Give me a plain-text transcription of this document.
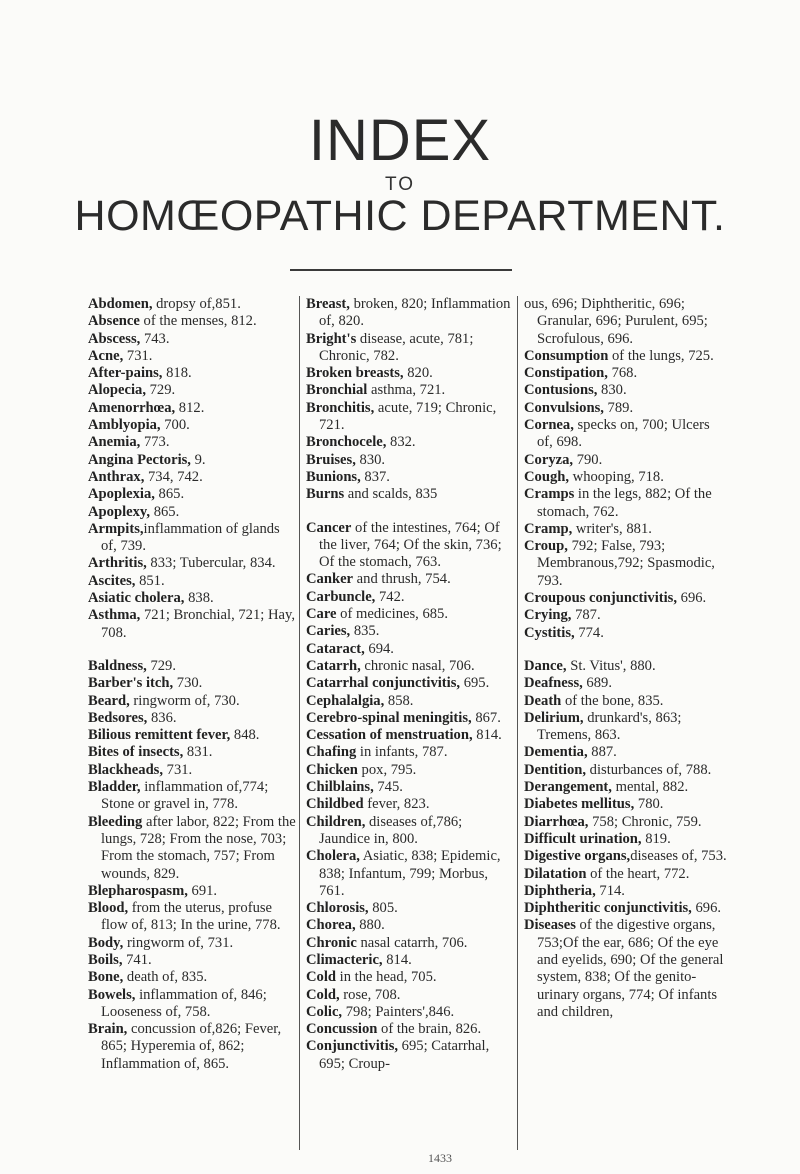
INDEX
TO
HOMŒOPATHIC DEPARTMENT.

Abdomen, dropsy of,851.

Absence of the menses, 812.

Abscess, 743.

Acne, 731.

After-pains, 818.

Alopecia, 729.

Amenorrhœa, 812.

Amblyopia, 700.

Anemia, 773.

Angina Pectoris, 9.

Anthrax, 734, 742.

Apoplexia, 865.

Apoplexy, 865.

Armpits,inflammation of glands of, 739.

Arthritis, 833; Tubercular, 834.

Ascites, 851.

Asiatic cholera, 838.

Asthma, 721; Bronchial, 721; Hay, 708.

Baldness, 729.

Barber's itch, 730.

Beard, ringworm of, 730.

Bedsores, 836.

Bilious remittent fever, 848.

Bites of insects, 831.

Blackheads, 731.

Bladder, inflammation of,774; Stone or gravel in, 778.

Bleeding after labor, 822; From the lungs, 728; From the nose, 703; From the stomach, 757; From wounds, 829.

Blepharospasm, 691.

Blood, from the uterus, profuse flow of, 813; In the urine, 778.

Body, ringworm of, 731.

Boils, 741.

Bone, death of, 835.

Bowels, inflammation of, 846; Looseness of, 758.

Brain, concussion of,826; Fever, 865; Hyperemia of, 862; Inflammation of, 865.

Breast, broken, 820; Inflammation of, 820.

Bright's disease, acute, 781; Chronic, 782.

Broken breasts, 820.

Bronchial asthma, 721.

Bronchitis, acute, 719; Chronic, 721.

Bronchocele, 832.

Bruises, 830.

Bunions, 837.

Burns and scalds, 835

Cancer of the intestines, 764; Of the liver, 764; Of the skin, 736; Of the stomach, 763.

Canker and thrush, 754.

Carbuncle, 742.

Care of medicines, 685.

Caries, 835.

Cataract, 694.

Catarrh, chronic nasal, 706.

Catarrhal conjunctivitis, 695.

Cephalalgia, 858.

Cerebro-spinal meningitis, 867.

Cessation of menstruation, 814.

Chafing in infants, 787.

Chicken pox, 795.

Chilblains, 745.

Childbed fever, 823.

Children, diseases of,786; Jaundice in, 800.

Cholera, Asiatic, 838; Epidemic, 838; Infantum, 799; Morbus, 761.

Chlorosis, 805.

Chorea, 880.

Chronic nasal catarrh, 706.

Climacteric, 814.

Cold in the head, 705.

Cold, rose, 708.

Colic, 798; Painters',846.

Concussion of the brain, 826.

Conjunctivitis, 695; Catarrhal, 695; Croup-

ous, 696; Diphtheritic, 696; Granular, 696; Purulent, 695; Scrofulous, 696.

Consumption of the lungs, 725.

Constipation, 768.

Contusions, 830.

Convulsions, 789.

Cornea, specks on, 700; Ulcers of, 698.

Coryza, 790.

Cough, whooping, 718.

Cramps in the legs, 882; Of the stomach, 762.

Cramp, writer's, 881.

Croup, 792; False, 793; Membranous,792; Spasmodic, 793.

Croupous conjunctivitis, 696.

Crying, 787.

Cystitis, 774.

Dance, St. Vitus', 880.

Deafness, 689.

Death of the bone, 835.

Delirium, drunkard's, 863; Tremens, 863.

Dementia, 887.

Dentition, disturbances of, 788.

Derangement, mental, 882.

Diabetes mellitus, 780.

Diarrhœa, 758; Chronic, 759.

Difficult urination, 819.

Digestive organs,diseases of, 753.

Dilatation of the heart, 772.

Diphtheria, 714.

Diphtheritic conjunctivitis, 696.

Diseases of the digestive organs, 753;Of the ear, 686; Of the eye and eyelids, 690; Of the general system, 838; Of the genito-urinary organs, 774; Of infants and children,

1433
